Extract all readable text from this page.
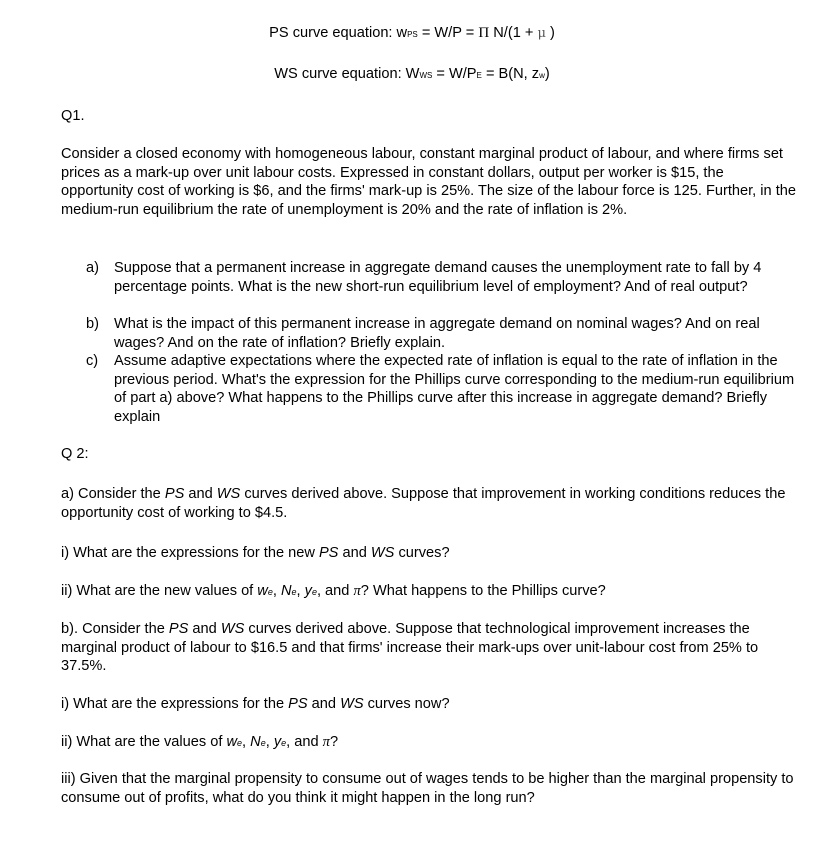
PS curve equation: wPS = W/P = Π N/(1 + μ )
WS curve equation: WWS = W/PE = B(N, zw)
Q1.
Consider a closed economy with homogeneous labour, constant marginal product of labour, and where firms set prices as a mark-up over unit labour costs. Expressed in constant dollars, output per worker is $15, the opportunity cost of working is $6, and the firms' mark-up is 25%. The size of the labour force is 125. Further, in the medium-run equilibrium the rate of unemployment is 20% and the rate of inflation is 2%.
a)	Suppose that a permanent increase in aggregate demand causes the unemployment rate to fall by 4 percentage points. What is the new short-run equilibrium level of employment? And of real output?
b)	What is the impact of this permanent increase in aggregate demand on nominal wages? And on real wages? And on the rate of inflation? Briefly explain.
c)	Assume adaptive expectations where the expected rate of inflation is equal to the rate of inflation in the previous period. What's the expression for the Phillips curve corresponding to the medium-run equilibrium of part a) above? What happens to the Phillips curve after this increase in aggregate demand? Briefly explain
Q 2:
a) Consider the PS and WS curves derived above. Suppose that improvement in working conditions reduces the opportunity cost of working to $4.5.
i) What are the expressions for the new PS and WS curves?
ii) What are the new values of we, Ne, ye, and π? What happens to the Phillips curve?
b). Consider the PS and WS curves derived above. Suppose that technological improvement increases the marginal product of labour to $16.5 and that firms' increase their mark-ups over unit-labour cost from 25% to 37.5%.
i) What are the expressions for the PS and WS curves now?
ii) What are the values of we, Ne, ye, and π?
iii) Given that the marginal propensity to consume out of wages tends to be higher than the marginal propensity to consume out of profits, what do you think it might happen in the long run?
